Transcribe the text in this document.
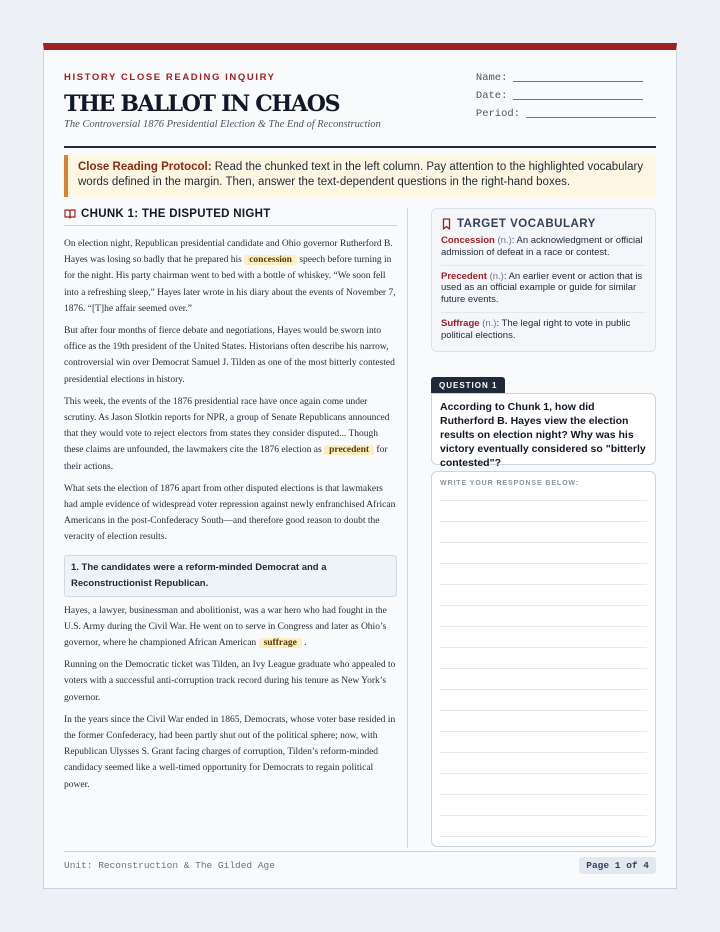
HISTORY CLOSE READING INQUIRY
THE BALLOT IN CHAOS
The Controversial 1876 Presidential Election & The End of Reconstruction
Name:
Date:
Period:
Close Reading Protocol: Read the chunked text in the left column. Pay attention to the highlighted vocabulary words defined in the margin. Then, answer the text-dependent questions in the right-hand boxes.
CHUNK 1: THE DISPUTED NIGHT

On election night, Republican presidential candidate and Ohio governor Rutherford B. Hayes was losing so badly that he prepared his concession speech before turning in for the night. His party chairman went to bed with a bottle of whiskey. “We soon fell into a refreshing sleep,” Hayes later wrote in his diary about the events of November 7, 1876. “[T]he affair seemed over.”

But after four months of fierce debate and negotiations, Hayes would be sworn into office as the 19th president of the United States. Historians often describe his narrow, controversial win over Democrat Samuel J. Tilden as one of the most bitterly contested presidential elections in history.

This week, the events of the 1876 presidential race have once again come under scrutiny. As Jason Slotkin reports for NPR, a group of Senate Republicans announced that they would vote to reject electors from states they consider disputed... Though these claims are unfounded, the lawmakers cite the 1876 election as precedent for their actions.

What sets the election of 1876 apart from other disputed elections is that lawmakers had ample evidence of widespread voter repression against newly enfranchised African Americans in the post-Confederacy South—and therefore good reason to doubt the veracity of election results.

1. The candidates were a reform-minded Democrat and a Reconstructionist Republican.

Hayes, a lawyer, businessman and abolitionist, was a war hero who had fought in the U.S. Army during the Civil War. He went on to serve in Congress and later as Ohio’s governor, where he championed African American suffrage .

Running on the Democratic ticket was Tilden, an Ivy League graduate who appealed to voters with a successful anti-corruption track record during his tenure as New York’s governor.

In the years since the Civil War ended in 1865, Democrats, whose voter base resided in the former Confederacy, had been partly shut out of the political sphere; now, with Republican Ulysses S. Grant facing charges of corruption, Tilden’s reform-minded candidacy seemed like a well-timed opportunity for Democrats to regain political power.

TARGET VOCABULARY
Concession (n.): An acknowledgment or official admission of defeat in a race or contest.
Precedent (n.): An earlier event or action that is used as an official example or guide for similar future events.
Suffrage (n.): The legal right to vote in public political elections.
QUESTION 1
According to Chunk 1, how did Rutherford B. Hayes view the election results on election night? Why was his victory eventually considered so "bitterly contested"?
WRITE YOUR RESPONSE BELOW:
Unit: Reconstruction & The Gilded Age	Page 1 of 4
